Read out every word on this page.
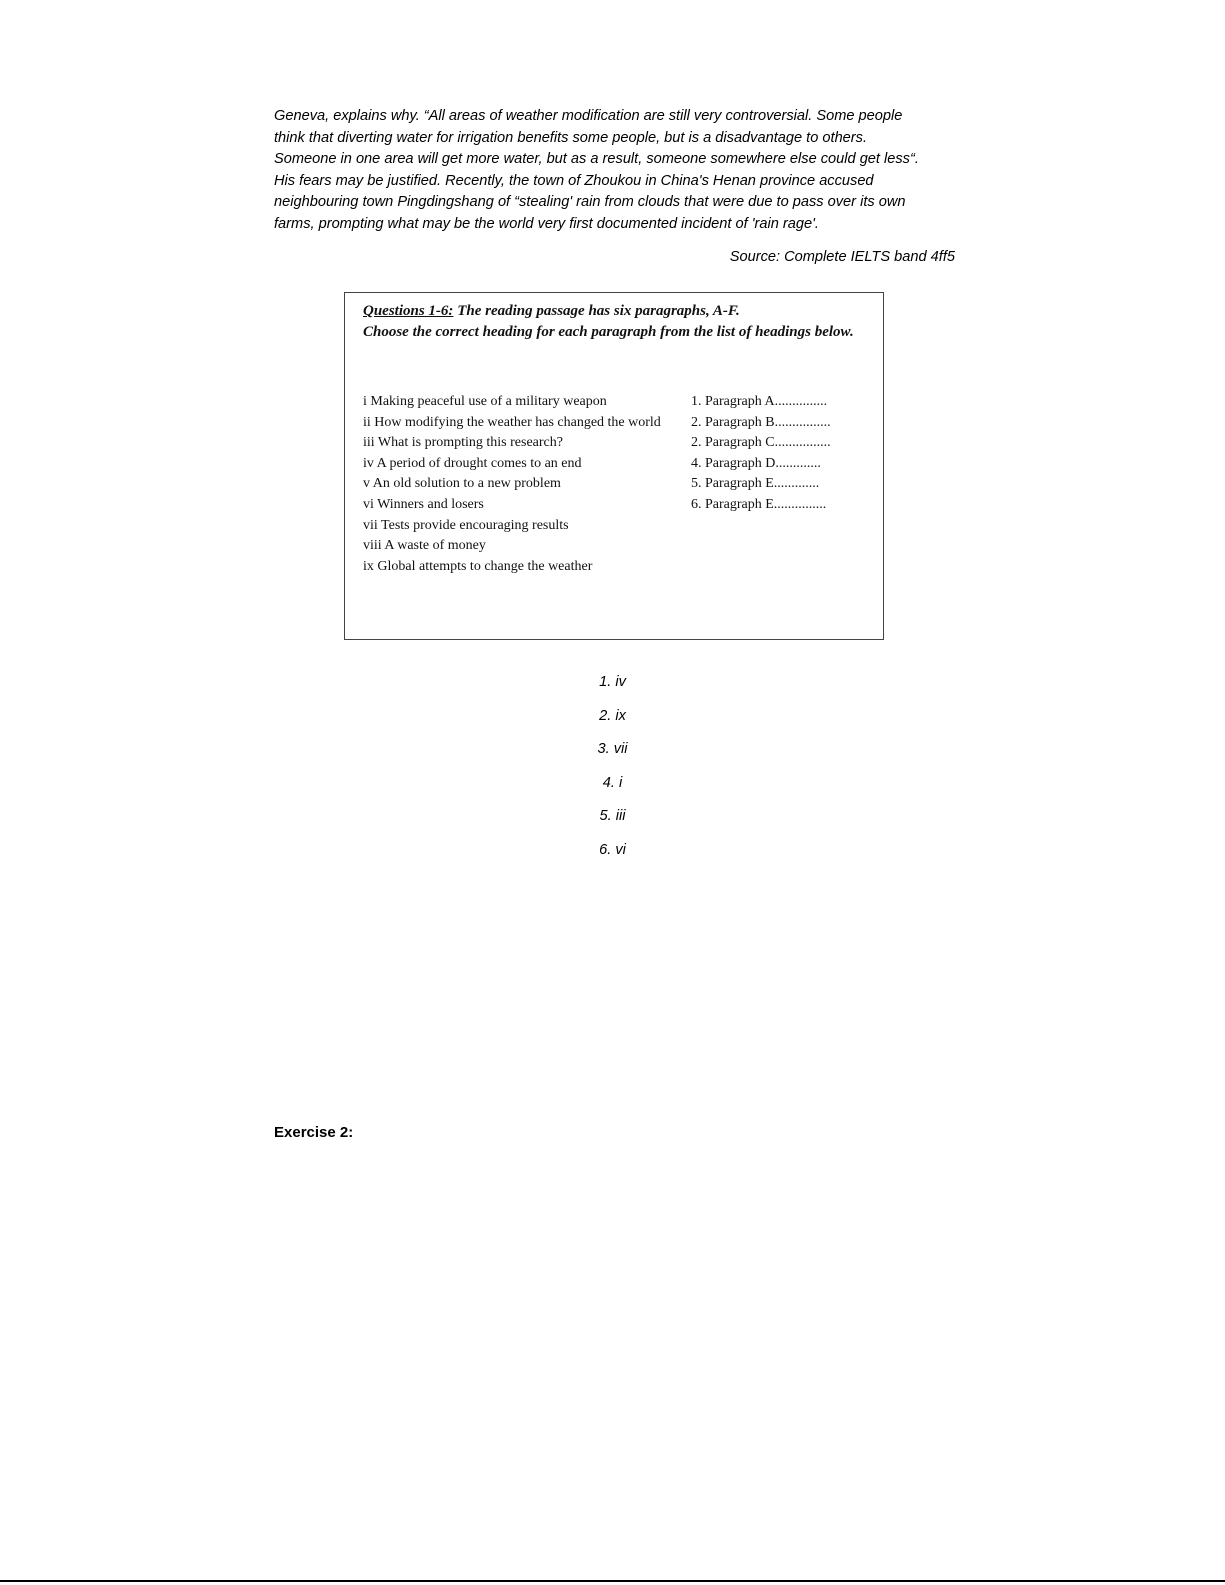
Geneva, explains why. “All areas of weather modification are still very controversial. Some people

think that diverting water for irrigation benefits some people, but is a disadvantage to others.

Someone in one area will get more water, but as a result, someone somewhere else could get less“.

His fears may be justified. Recently, the town of Zhoukou in China's Henan province accused

neighbouring town Pingdingshang of “stealing' rain from clouds that were due to pass over its own

farms, prompting what may be the world very first documented incident of 'rain rage'.

Source: Complete IELTS band 4ff5
Questions 1-6: The reading passage has six paragraphs, A-F.
Choose the correct heading for each paragraph from the list of headings below.
i Making peaceful use of a military weapon
ii How modifying the weather has changed the world
iii What is prompting this research?
iv A period of drought comes to an end
v An old solution to a new problem
vi Winners and losers
vii Tests provide encouraging results
viii A waste of money
ix Global attempts to change the weather
1. Paragraph A...............
2. Paragraph B................
2. Paragraph C................
4. Paragraph D.............
5. Paragraph E.............
6. Paragraph E...............
1. iv
2. ix
3. vii
4. i
5. iii
6. vi
Exercise 2:
